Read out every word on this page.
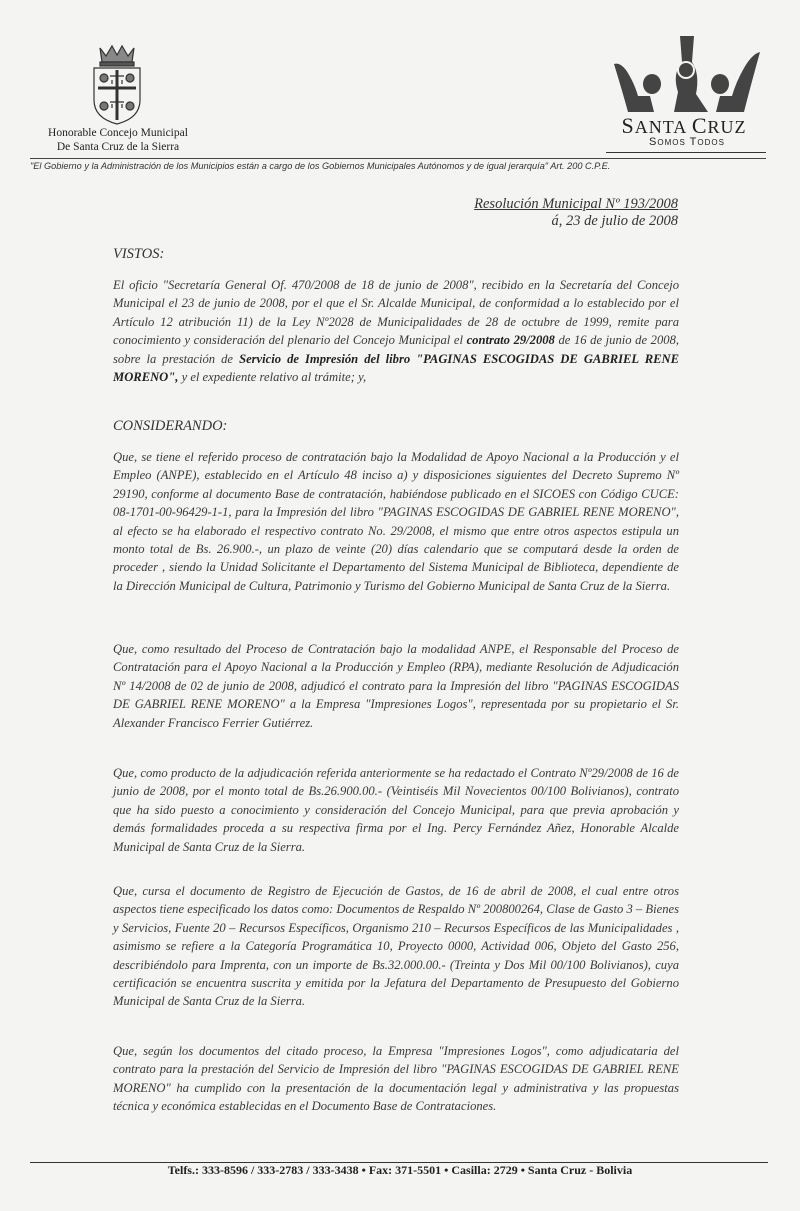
Honorable Concejo Municipal
De Santa Cruz de la Sierra
SANTA CRUZ
Somos Todos
"El Gobierno y la Administración de los Municipios están a cargo de los Gobiernos Municipales Autónomos y de igual jerarquía" Art. 200 C.P.E.
Resolución Municipal Nº 193/2008
á, 23 de julio de 2008
VISTOS:
El oficio "Secretaría General Of. 470/2008 de 18 de junio de 2008", recibido en la Secretaría del Concejo Municipal el 23 de junio de 2008, por el que el Sr. Alcalde Municipal, de conformidad a lo establecido por el Artículo 12 atribución 11) de la Ley Nº2028 de Municipalidades de 28 de octubre de 1999, remite para conocimiento y consideración del plenario del Concejo Municipal el contrato 29/2008 de 16 de junio de 2008, sobre la prestación de Servicio de Impresión del libro "PAGINAS ESCOGIDAS DE GABRIEL RENE MORENO", y el expediente relativo al trámite; y,
CONSIDERANDO:
Que, se tiene el referido proceso de contratación bajo la Modalidad de Apoyo Nacional a la Producción y el Empleo (ANPE), establecido en el Artículo 48 inciso a) y disposiciones siguientes del Decreto Supremo Nº 29190, conforme al documento Base de contratación, habiéndose publicado en el SICOES con Código CUCE: 08-1701-00-96429-1-1, para la Impresión del libro "PAGINAS ESCOGIDAS DE GABRIEL RENE MORENO", al efecto se ha elaborado el respectivo contrato No. 29/2008, el mismo que entre otros aspectos estipula un monto total de Bs. 26.900.-, un plazo de veinte (20) días calendario que se computará desde la orden de proceder , siendo la Unidad Solicitante el Departamento del Sistema Municipal de Biblioteca, dependiente de la Dirección Municipal de Cultura, Patrimonio y Turismo del Gobierno Municipal de Santa Cruz de la Sierra.
Que, como resultado del Proceso de Contratación bajo la modalidad ANPE, el Responsable del Proceso de Contratación para el Apoyo Nacional a la Producción y Empleo (RPA), mediante Resolución de Adjudicación Nº 14/2008 de 02 de junio de 2008, adjudicó el contrato para la Impresión del libro "PAGINAS ESCOGIDAS DE GABRIEL RENE MORENO" a la Empresa "Impresiones Logos", representada por su propietario el Sr. Alexander Francisco Ferrier Gutiérrez.
Que, como producto de la adjudicación referida anteriormente se ha redactado el Contrato Nº29/2008 de 16 de junio de 2008, por el monto total de Bs.26.900.00.- (Veintiséis Mil Novecientos 00/100 Bolivianos), contrato que ha sido puesto a conocimiento y consideración del Concejo Municipal, para que previa aprobación y demás formalidades proceda a su respectiva firma por el Ing. Percy Fernández Añez, Honorable Alcalde Municipal de Santa Cruz de la Sierra.
Que, cursa el documento de Registro de Ejecución de Gastos, de 16 de abril de 2008, el cual entre otros aspectos tiene especificado los datos como: Documentos de Respaldo Nº 200800264, Clase de Gasto 3 – Bienes y Servicios, Fuente 20 – Recursos Específicos, Organismo 210 – Recursos Específicos de las Municipalidades , asimismo se refiere a la Categoría Programática 10, Proyecto 0000, Actividad 006, Objeto del Gasto 256, describiéndolo para Imprenta, con un importe de Bs.32.000.00.- (Treinta y Dos Mil 00/100 Bolivianos), cuya certificación se encuentra suscrita y emitida por la Jefatura del Departamento de Presupuesto del Gobierno Municipal de Santa Cruz de la Sierra.
Que, según los documentos del citado proceso, la Empresa "Impresiones Logos", como adjudicataria del contrato para la prestación del Servicio de Impresión del libro "PAGINAS ESCOGIDAS DE GABRIEL RENE MORENO" ha cumplido con la presentación de la documentación legal y administrativa y las propuestas técnica y económica establecidas en el Documento Base de Contrataciones.
Telfs.: 333-8596 / 333-2783 / 333-3438 • Fax: 371-5501 • Casilla: 2729 • Santa Cruz - Bolivia
